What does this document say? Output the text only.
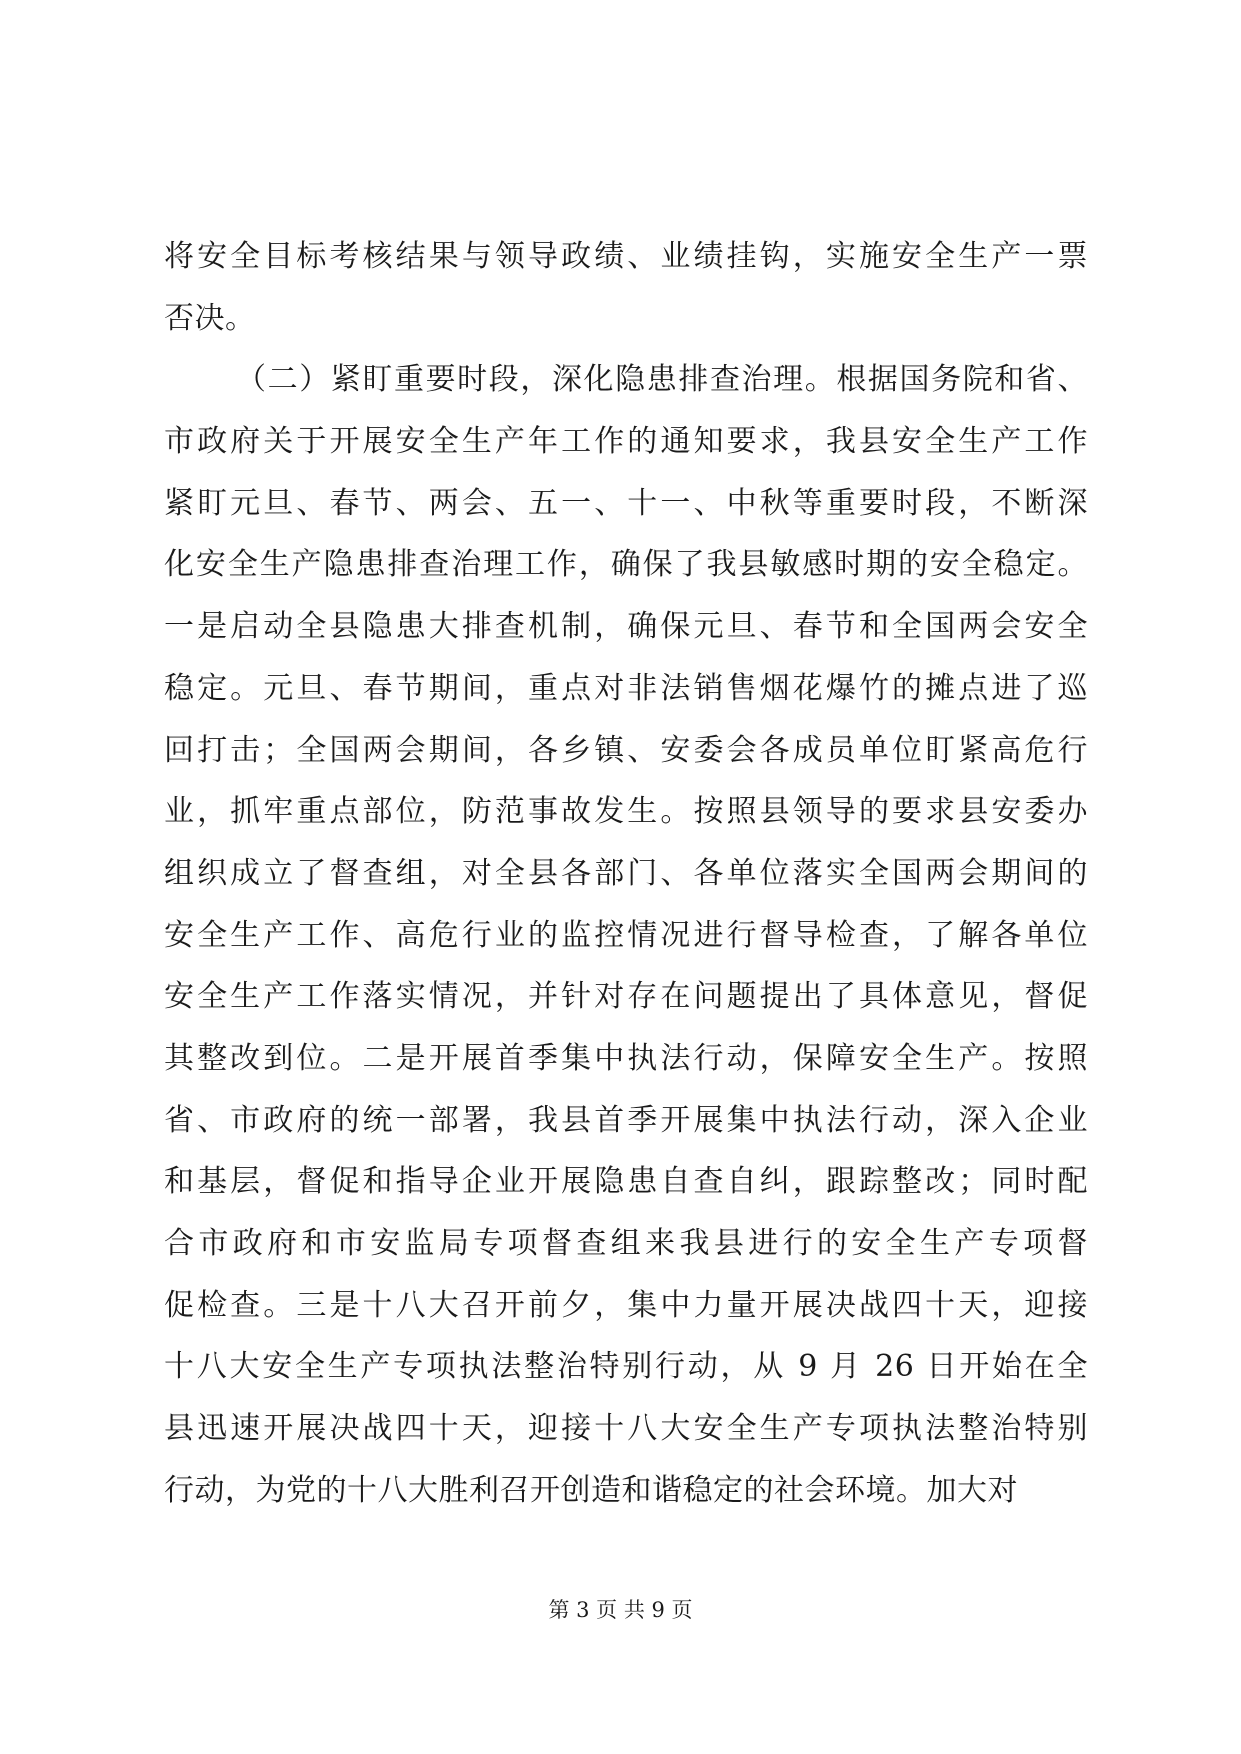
将安全目标考核结果与领导政绩、业绩挂钩，实施安全生产一票
否决。
（二）紧盯重要时段，深化隐患排查治理。根据国务院和省、
市政府关于开展安全生产年工作的通知要求，我县安全生产工作
紧盯元旦、春节、两会、五一、十一、中秋等重要时段，不断深
化安全生产隐患排查治理工作，确保了我县敏感时期的安全稳定。
一是启动全县隐患大排查机制，确保元旦、春节和全国两会安全
稳定。元旦、春节期间，重点对非法销售烟花爆竹的摊点进了巡
回打击；全国两会期间，各乡镇、安委会各成员单位盯紧高危行
业，抓牢重点部位，防范事故发生。按照县领导的要求县安委办
组织成立了督查组，对全县各部门、各单位落实全国两会期间的
安全生产工作、高危行业的监控情况进行督导检查，了解各单位
安全生产工作落实情况，并针对存在问题提出了具体意见，督促
其整改到位。二是开展首季集中执法行动，保障安全生产。按照
省、市政府的统一部署，我县首季开展集中执法行动，深入企业
和基层，督促和指导企业开展隐患自查自纠，跟踪整改；同时配
合市政府和市安监局专项督查组来我县进行的安全生产专项督
促检查。三是十八大召开前夕，集中力量开展决战四十天，迎接
十八大安全生产专项执法整治特别行动，从 9 月 26 日开始在全
县迅速开展决战四十天，迎接十八大安全生产专项执法整治特别
行动，为党的十八大胜利召开创造和谐稳定的社会环境。加大对
第 3 页 共 9 页
